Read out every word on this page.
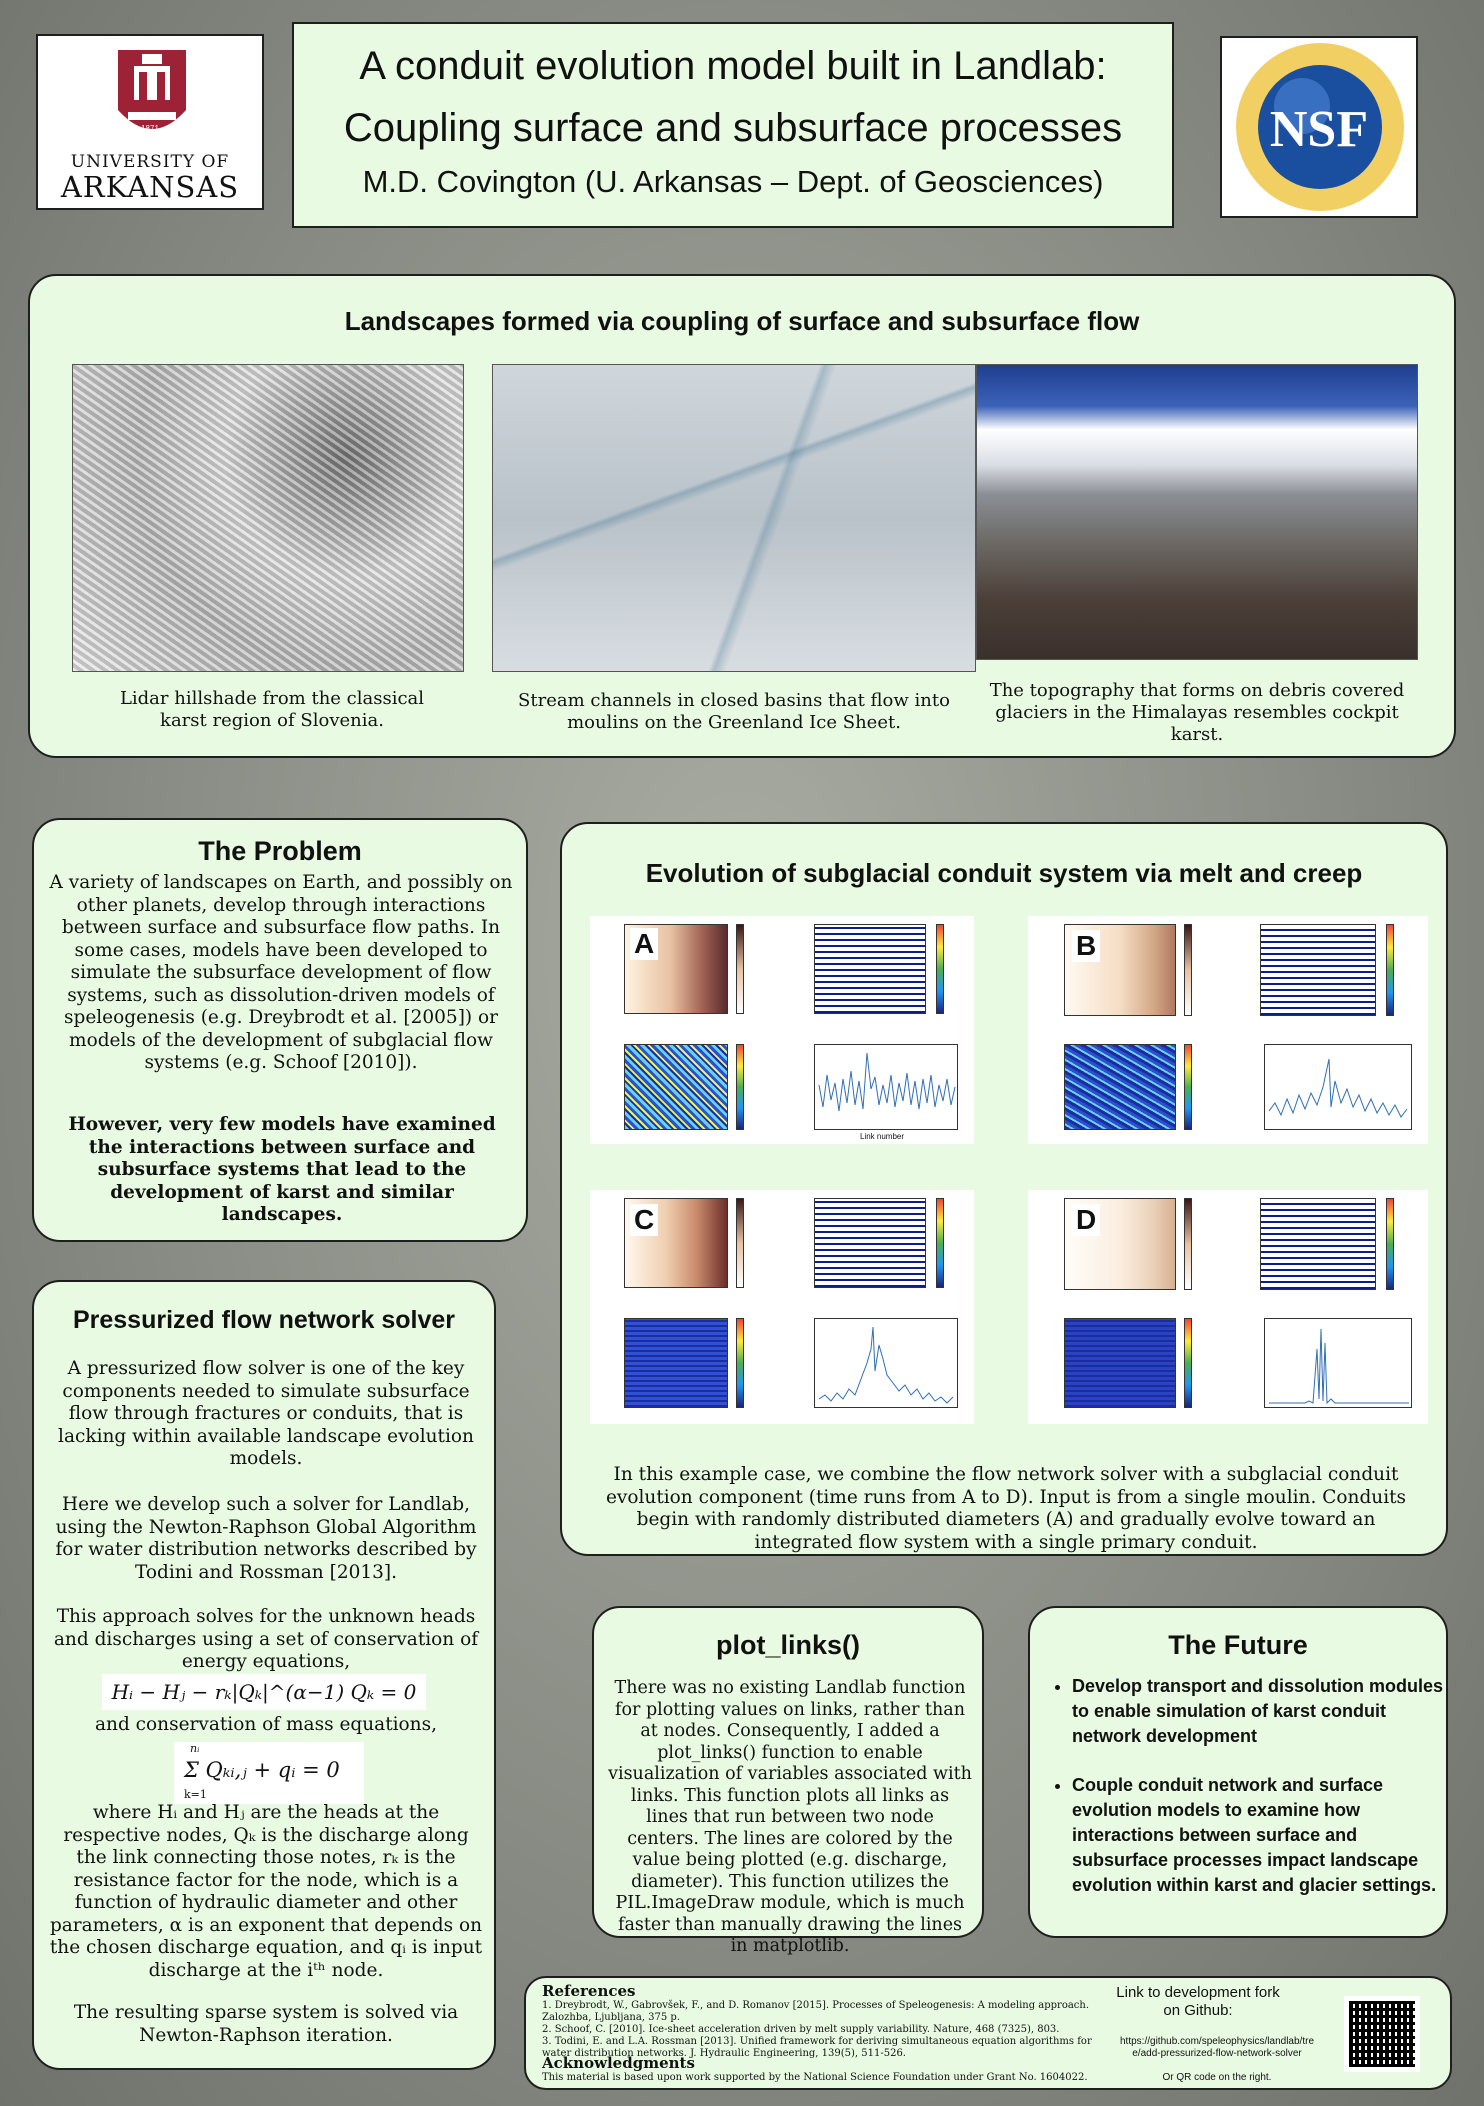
1871
UNIVERSITY OF
ARKANSAS
A conduit evolution model built in Landlab:
Coupling surface and subsurface processes
M.D. Covington (U. Arkansas – Dept. of Geosciences)
NSF
Landscapes formed via coupling of surface and subsurface flow
Lidar hillshade from the classical karst region of Slovenia.
Stream channels in closed basins that flow into moulins on the Greenland Ice Sheet.
The topography that forms on debris covered glaciers in the Himalayas resembles cockpit karst.
The Problem

A variety of landscapes on Earth, and possibly on other planets, develop through interactions between surface and subsurface flow paths. In some cases, models have been developed to simulate the subsurface development of flow systems, such as dissolution-driven models of speleogenesis (e.g. Dreybrodt et al. [2005]) or models of the development of subglacial flow systems (e.g. Schoof [2010]).

However, very few models have examined the interactions between surface and subsurface systems that lead to the development of karst and similar landscapes.

Pressurized flow network solver

A pressurized flow solver is one of the key components needed to simulate subsurface flow through fractures or conduits, that is lacking within available landscape evolution models.

Here we develop such a solver for Landlab, using the Newton-Raphson Global Algorithm for water distribution networks described by Todini and Rossman [2013].

This approach solves for the unknown heads and discharges using a set of conservation of energy equations,

Hᵢ − Hⱼ − rₖ|Qₖ|^(α−1) Qₖ = 0

and conservation of mass equations,

nᵢ
Σ Qₖᵢ,ⱼ + qᵢ = 0
k=1

where Hᵢ and Hⱼ are the heads at the respective nodes, Qₖ is the discharge along the link connecting those notes, rₖ is the resistance factor for the node, which is a function of hydraulic diameter and other parameters, α is an exponent that depends on the chosen discharge equation, and qᵢ is input discharge at the iᵗʰ node.

The resulting sparse system is solved via Newton-Raphson iteration.

Evolution of subglacial conduit system via melt and creep
A
Link number
B
C	D

In this example case, we combine the flow network solver with a subglacial conduit evolution component (time runs from A to D). Input is from a single moulin. Conduits begin with randomly distributed diameters (A) and gradually evolve toward an integrated flow system with a single primary conduit.

plot_links()

There was no existing Landlab function for plotting values on links, rather than at nodes. Consequently, I added a plot_links() function to enable visualization of variables associated with links. This function plots all links as lines that run between two node centers. The lines are colored by the value being plotted (e.g. discharge, diameter). This function utilizes the PIL.ImageDraw module, which is much faster than manually drawing the lines in matplotlib.

The Future
• Develop transport and dissolution modules to enable simulation of karst conduit network development
• Couple conduit network and surface evolution models to examine how interactions between surface and subsurface processes impact landscape evolution within karst and glacier settings.
References
1. Dreybrodt, W., Gabrovšek, F., and D. Romanov [2015]. Processes of Speleogenesis: A modeling approach. Zalozhba, Ljubljana, 375 p.
2. Schoof, C. [2010]. Ice-sheet acceleration driven by melt supply variability. Nature, 468 (7325), 803.
3. Todini, E. and L.A. Rossman [2013]. Unified framework for deriving simultaneous equation algorithms for water distribution networks. J. Hydraulic Engineering, 139(5), 511-526.
Acknowledgments
This material is based upon work supported by the National Science Foundation under Grant No. 1604022.
Link to development fork on Github:
https://github.com/speleophysics/landlab/tree/add-pressurized-flow-network-solver
Or QR code on the right.
